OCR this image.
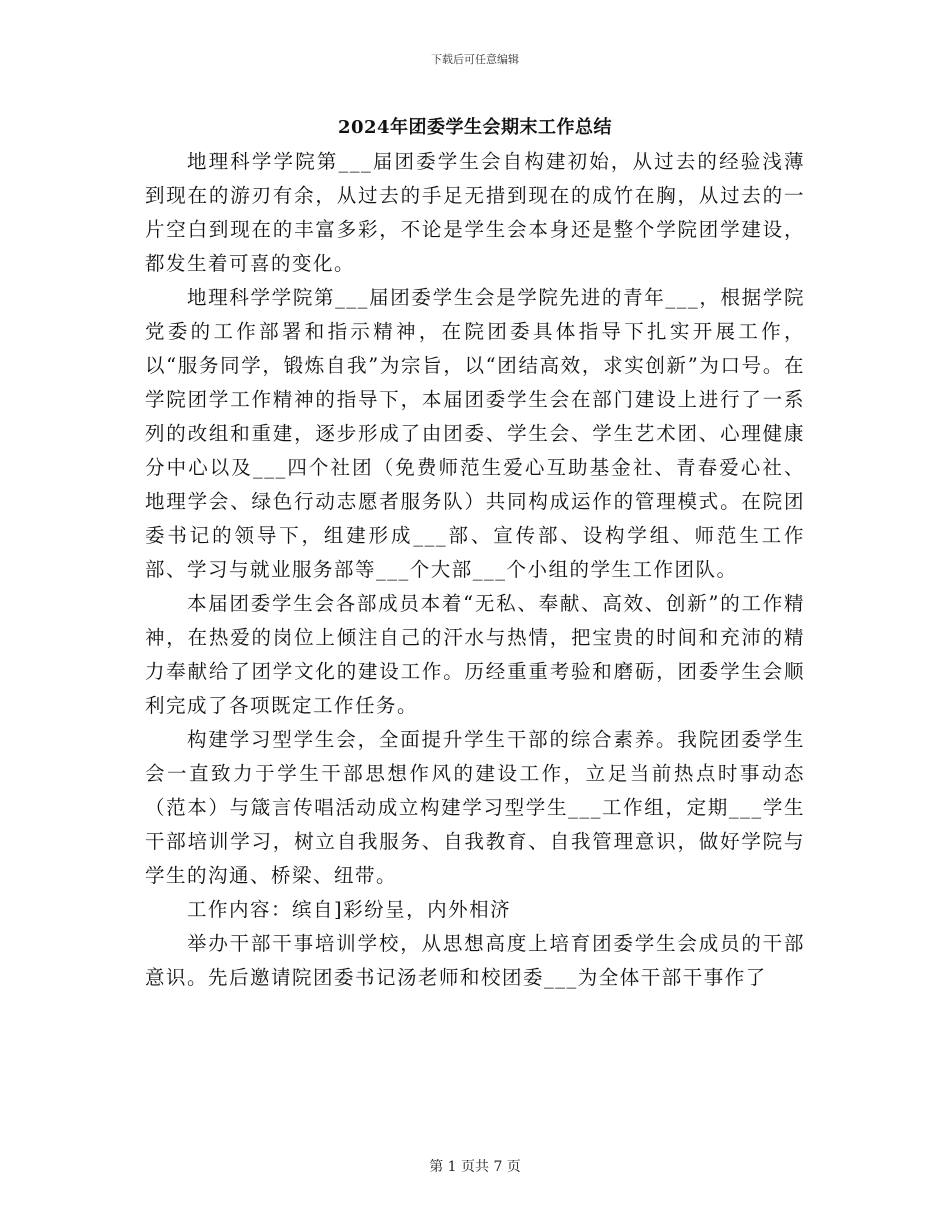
下载后可任意编辑
2024年团委学生会期末工作总结

地理科学学院第___届团委学生会自构建初始，从过去的经验浅薄到现在的游刃有余，从过去的手足无措到现在的成竹在胸，从过去的一片空白到现在的丰富多彩，不论是学生会本身还是整个学院团学建设，都发生着可喜的变化。

地理科学学院第___届团委学生会是学院先进的青年___，根据学院党委的工作部署和指示精神，在院团委具体指导下扎实开展工作，以“服务同学，锻炼自我”为宗旨，以“团结高效，求实创新”为口号。在学院团学工作精神的指导下，本届团委学生会在部门建设上进行了一系列的改组和重建，逐步形成了由团委、学生会、学生艺术团、心理健康分中心以及___四个社团（免费师范生爱心互助基金社、青春爱心社、地理学会、绿色行动志愿者服务队）共同构成运作的管理模式。在院团委书记的领导下，组建形成___部、宣传部、设构学组、师范生工作部、学习与就业服务部等___个大部___个小组的学生工作团队。

本届团委学生会各部成员本着“无私、奉献、高效、创新”的工作精神，在热爱的岗位上倾注自己的汗水与热情，把宝贵的时间和充沛的精力奉献给了团学文化的建设工作。历经重重考验和磨砺，团委学生会顺利完成了各项既定工作任务。

构建学习型学生会，全面提升学生干部的综合素养。我院团委学生会一直致力于学生干部思想作风的建设工作，立足当前热点时事动态（范本）与箴言传唱活动成立构建学习型学生___工作组，定期___学生干部培训学习，树立自我服务、自我教育、自我管理意识，做好学院与学生的沟通、桥梁、纽带。

工作内容：缤自]彩纷呈，内外相济

举办干部干事培训学校，从思想高度上培育团委学生会成员的干部意识。先后邀请院团委书记汤老师和校团委___为全体干部干事作了

第 1 页共 7 页
